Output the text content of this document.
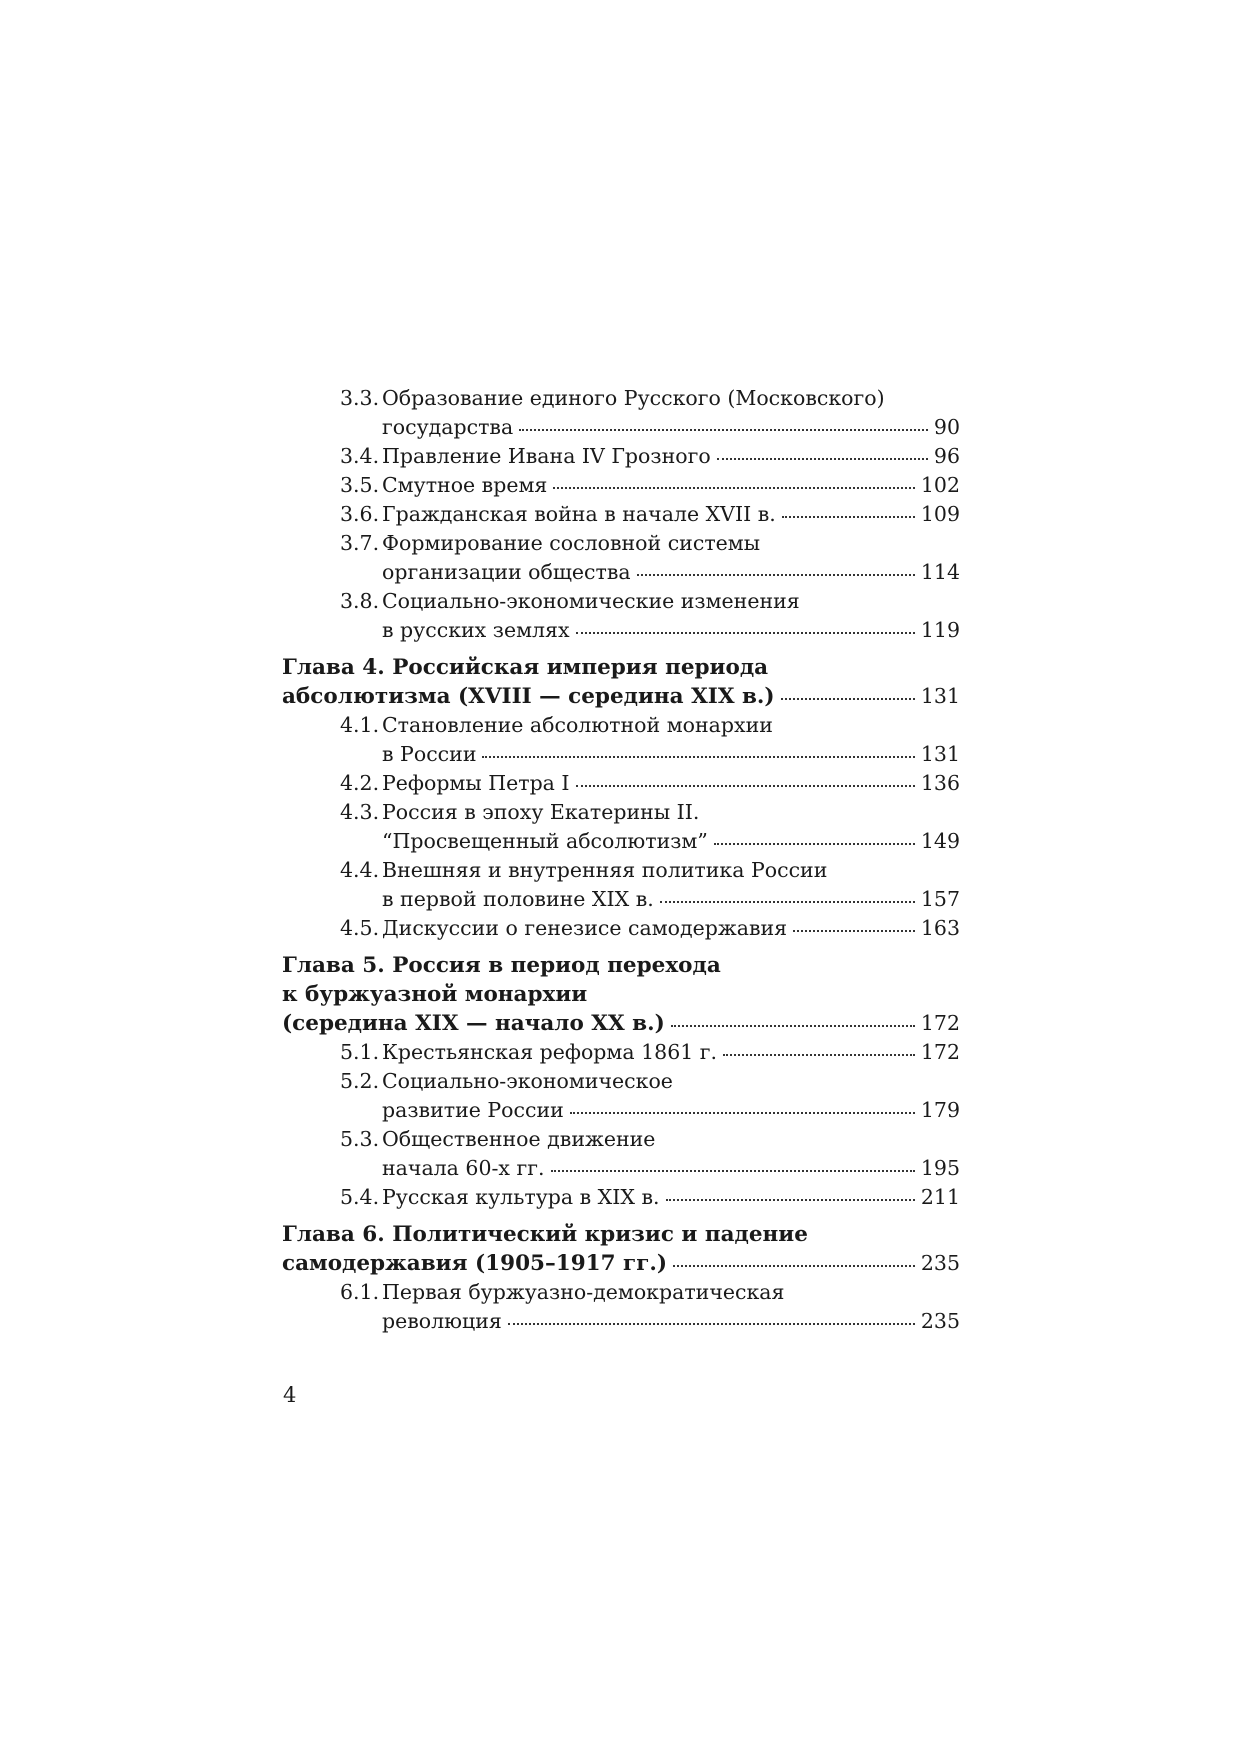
3.3. Образование единого Русского (Московского)
государства	90
3.4. Правление Ивана IV Грозного	96
3.5. Смутное время	102
3.6. Гражданская война в начале XVII в.	109
3.7. Формирование сословной системы
организации общества	114
3.8. Социально-экономические изменения
в русских землях	119
Глава 4. Российская империя периода
абсолютизма (XVIII — середина XIX в.)	131
4.1. Становление абсолютной монархии
в России	131
4.2. Реформы Петра I	136
4.3. Россия в эпоху Екатерины II.
“Просвещенный абсолютизм”	149
4.4. Внешняя и внутренняя политика России
в первой половине XIX в.	157
4.5. Дискуссии о генезисе самодержавия	163
Глава 5. Россия в период перехода
к буржуазной монархии
(середина XIX — начало XX в.)	172
5.1. Крестьянская реформа 1861 г.	172
5.2. Социально-экономическое
развитие России	179
5.3. Общественное движение
начала 60-х гг.	195
5.4. Русская культура в XIX в.	211
Глава 6. Политический кризис и падение
самодержавия (1905–1917 гг.)	235
6.1. Первая буржуазно-демократическая
революция	235
4
